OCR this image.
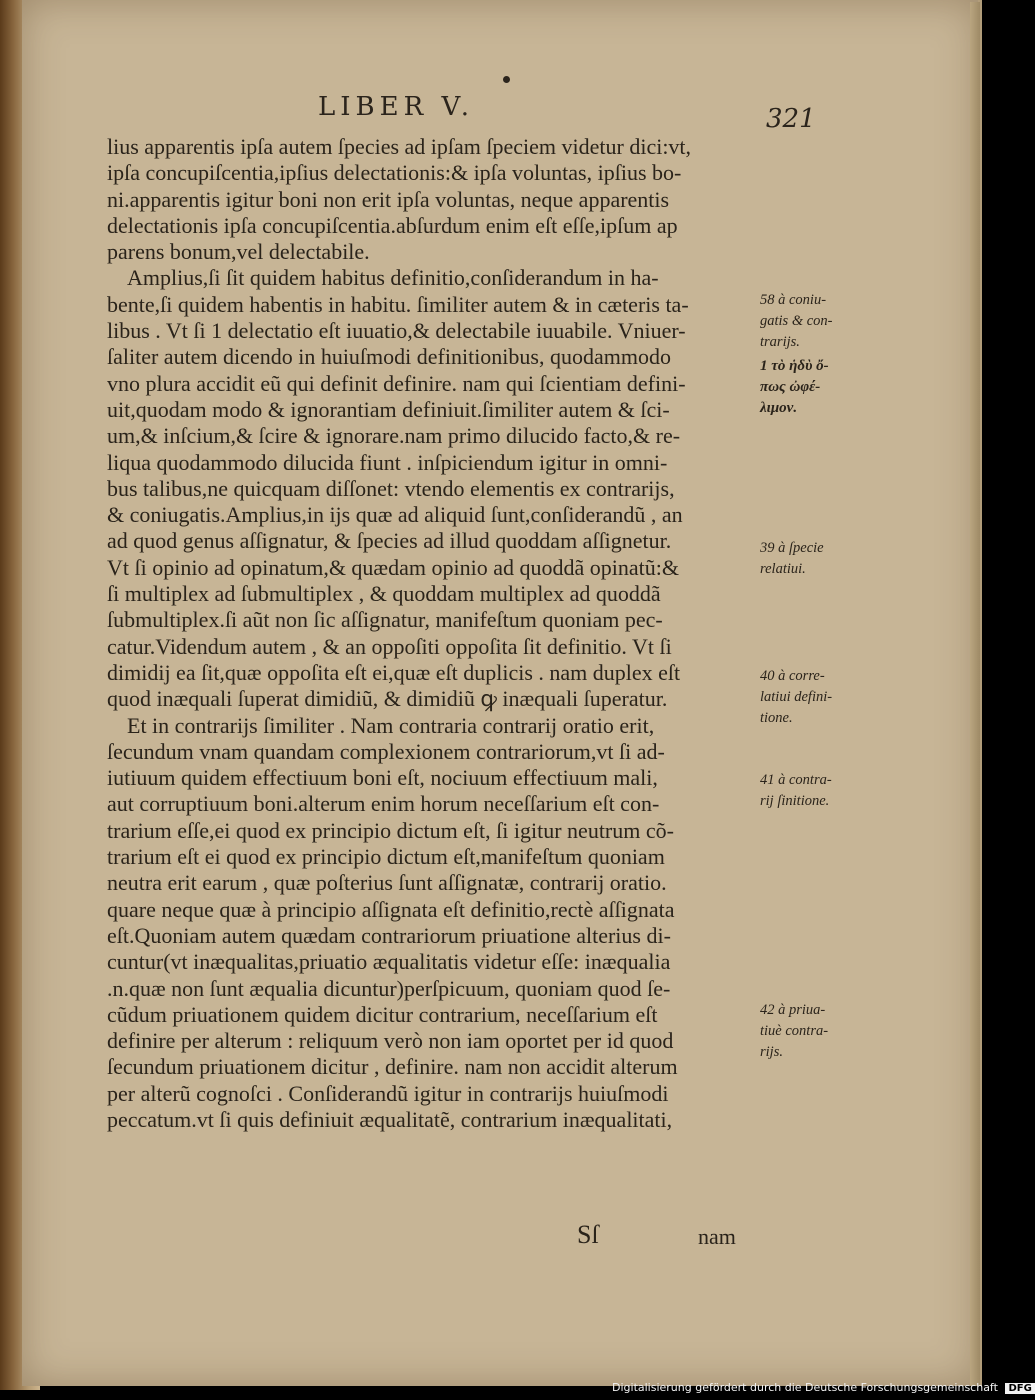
LIBER V.	321
lius apparentis ipſa autem ſpecies ad ipſam ſpeciem videtur dici:vt,
ipſa concupiſcentia,ipſius delectationis:& ipſa voluntas, ipſius bo-
ni.apparentis igitur boni non erit ipſa voluntas, neque apparentis
delectationis ipſa concupiſcentia.abſurdum enim eſt eſſe,ipſum ap
parens bonum,vel delectabile.
Amplius,ſi ſit quidem habitus definitio,conſiderandum in ha-
bente,ſi quidem habentis in habitu. ſimiliter autem & in cæteris ta-
libus . Vt ſi 1 delectatio eſt iuuatio,& delectabile iuuabile. Vniuer-
ſaliter autem dicendo in huiuſmodi definitionibus, quodammodo
vno plura accidit eũ qui definit definire. nam qui ſcientiam defini-
uit,quodam modo & ignorantiam definiuit.ſimiliter autem & ſci-
um,& inſcium,& ſcire & ignorare.nam primo dilucido facto,& re-
liqua quodammodo dilucida fiunt . inſpiciendum igitur in omni-
bus talibus,ne quicquam diſſonet: vtendo elementis ex contrarijs,
& coniugatis.Amplius,in ijs quæ ad aliquid ſunt,conſiderandũ , an
ad quod genus aſſignatur, & ſpecies ad illud quoddam aſſignetur.
Vt ſi opinio ad opinatum,& quædam opinio ad quoddã opinatũ:&
ſi multiplex ad ſubmultiplex , & quoddam multiplex ad quoddã
ſubmultiplex.ſi aũt non ſic aſſignatur, manifeſtum quoniam pec-
catur.Videndum autem , & an oppoſiti oppoſita ſit definitio. Vt ſi
dimidij ea ſit,quæ oppoſita eſt ei,quæ eſt duplicis . nam duplex eſt
quod inæquali ſuperat dimidiũ, & dimidiũ ꝙ inæquali ſuperatur.
Et in contrarijs ſimiliter . Nam contraria contrarij oratio erit,
ſecundum vnam quandam complexionem contrariorum,vt ſi ad-
iutiuum quidem effectiuum boni eſt, nociuum effectiuum mali,
aut corruptiuum boni.alterum enim horum neceſſarium eſt con-
trarium eſſe,ei quod ex principio dictum eſt, ſi igitur neutrum cõ-
trarium eſt ei quod ex principio dictum eſt,manifeſtum quoniam
neutra erit earum , quæ poſterius ſunt aſſignatæ, contrarij oratio.
quare neque quæ à principio aſſignata eſt definitio,rectè aſſignata
eſt.Quoniam autem quædam contrariorum priuatione alterius di-
cuntur(vt inæqualitas,priuatio æqualitatis videtur eſſe: inæqualia
.n.quæ non ſunt æqualia dicuntur)perſpicuum, quoniam quod ſe-
cũdum priuationem quidem dicitur contrarium, neceſſarium eſt
definire per alterum : reliquum verò non iam oportet per id quod
ſecundum priuationem dicitur , definire. nam non accidit alterum
per alterũ cognoſci . Conſiderandũ igitur in contrarijs huiuſmodi
peccatum.vt ſi quis definiuit æqualitatẽ, contrarium inæqualitati,
58 à coniu-
gatis & con-
trarijs.
1 τὸ ἡδὺ ὄ-
πως ὠφέ-
λιμον.
39 à ſpecie
relatiui.
40 à corre-
latiui defini-
tione.
41 à contra-
rij ſinitione.
42 à priua-
tiuè contra-
rijs.
Sſ	nam
Digitalisierung gefördert durch die Deutsche Forschungsgemeinschaft DFG
